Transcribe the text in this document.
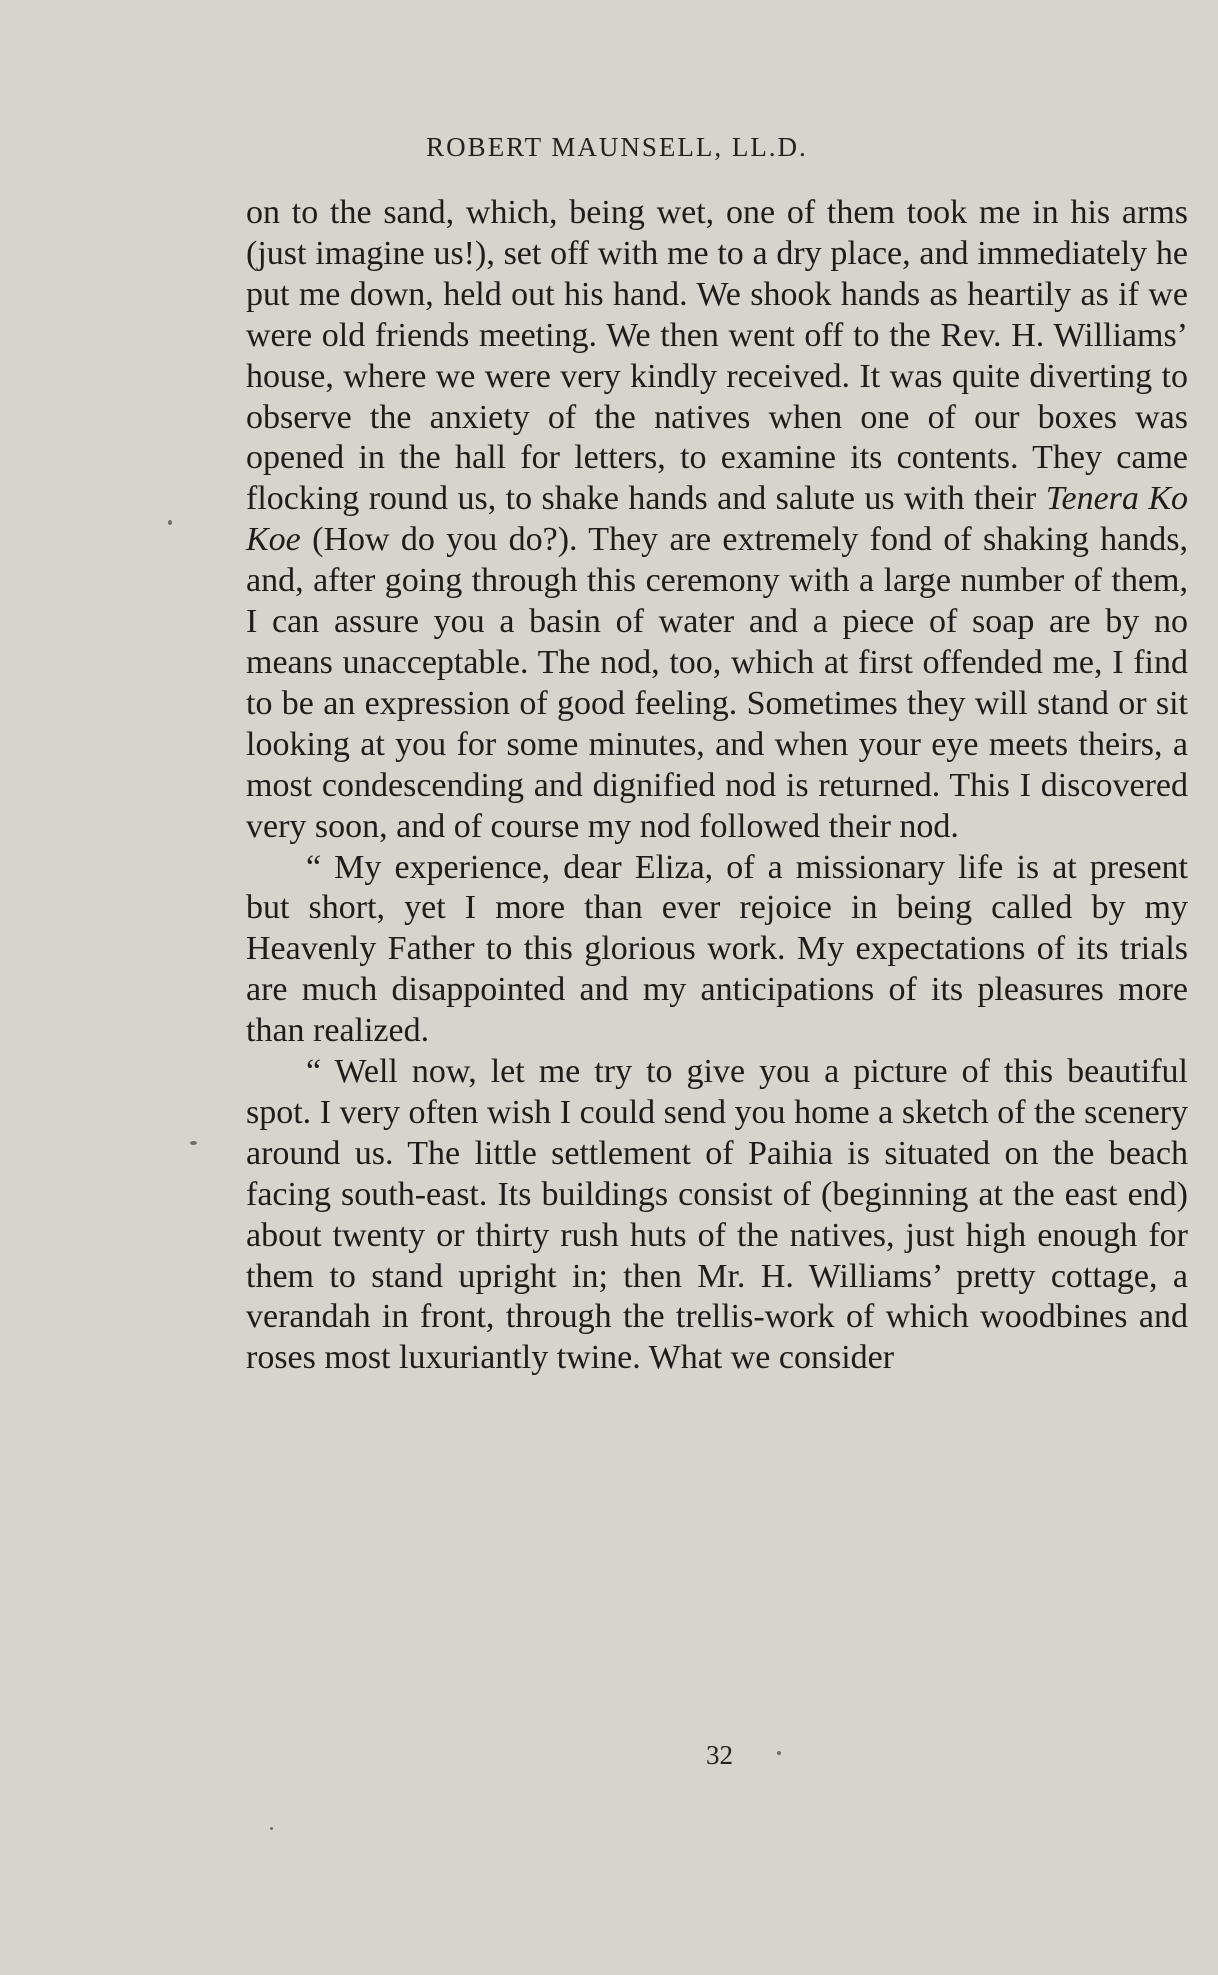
ROBERT MAUNSELL, LL.D.

on to the sand, which, being wet, one of them took me in his arms (just imagine us!), set off with me to a dry place, and immediately he put me down, held out his hand. We shook hands as heartily as if we were old friends meeting. We then went off to the Rev. H. Williams’ house, where we were very kindly received. It was quite diverting to observe the anxiety of the natives when one of our boxes was opened in the hall for letters, to examine its contents. They came flocking round us, to shake hands and salute us with their Tenera Ko Koe (How do you do?). They are extremely fond of shaking hands, and, after going through this ceremony with a large number of them, I can assure you a basin of water and a piece of soap are by no means unacceptable. The nod, too, which at first offended me, I find to be an expression of good feeling. Sometimes they will stand or sit looking at you for some minutes, and when your eye meets theirs, a most condescending and dignified nod is returned. This I discovered very soon, and of course my nod followed their nod.

“ My experience, dear Eliza, of a missionary life is at present but short, yet I more than ever rejoice in being called by my Heavenly Father to this glorious work. My expectations of its trials are much disappointed and my anticipations of its pleasures more than realized.

“ Well now, let me try to give you a picture of this beautiful spot. I very often wish I could send you home a sketch of the scenery around us. The little settlement of Paihia is situated on the beach facing south-east. Its buildings consist of (beginning at the east end) about twenty or thirty rush huts of the natives, just high enough for them to stand upright in; then Mr. H. Williams’ pretty cottage, a verandah in front, through the trellis-work of which woodbines and roses most luxuriantly twine. What we consider

32
